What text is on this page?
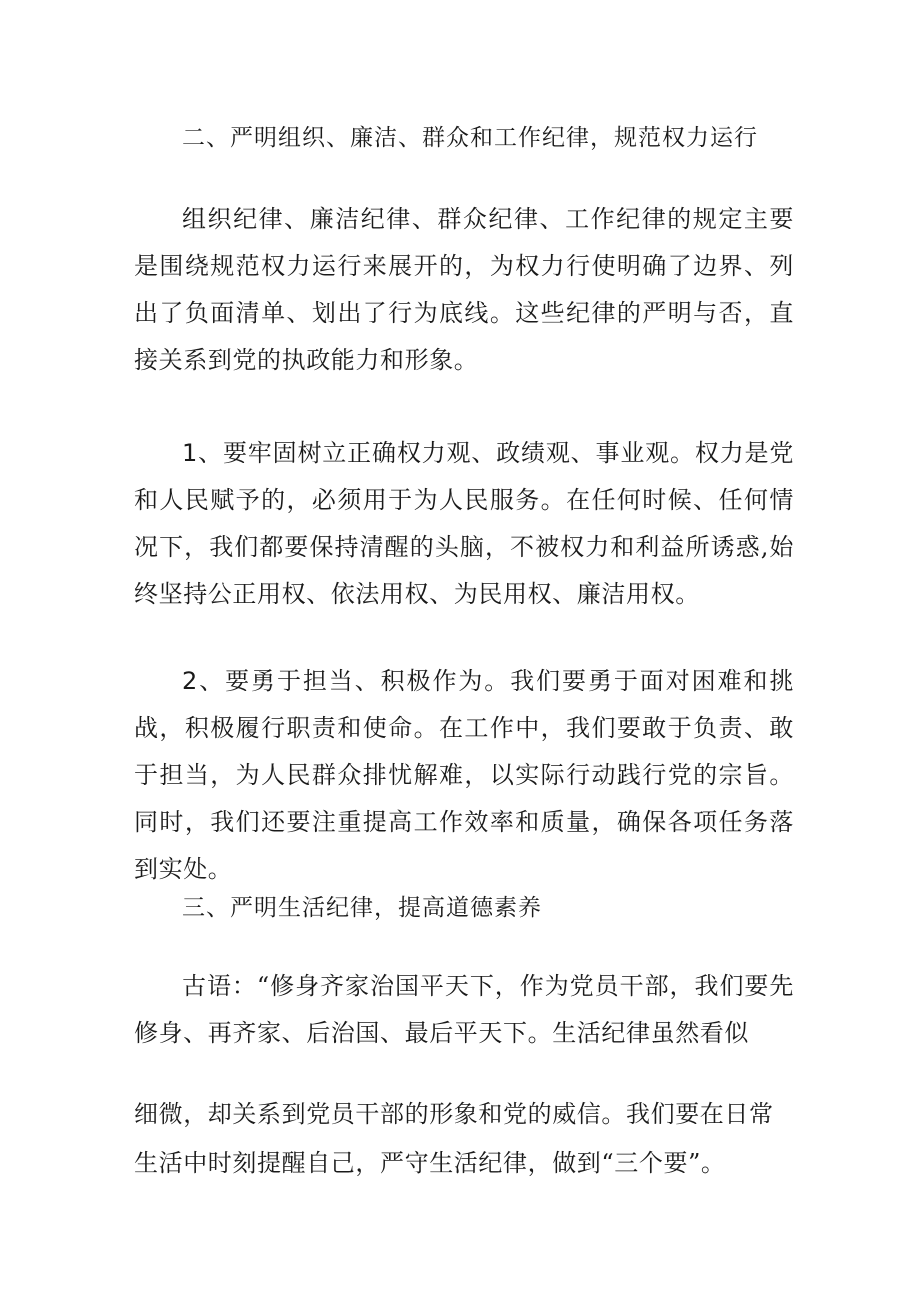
二、严明组织、廉洁、群众和工作纪律，规范权力运行
组织纪律、廉洁纪律、群众纪律、工作纪律的规定主要是围绕规范权力运行来展开的，为权力行使明确了边界、列出了负面清单、划出了行为底线。这些纪律的严明与否，直接关系到党的执政能力和形象。
1、要牢固树立正确权力观、政绩观、事业观。权力是党和人民赋予的，必须用于为人民服务。在任何时候、任何情况下，我们都要保持清醒的头脑，不被权力和利益所诱惑,始终坚持公正用权、依法用权、为民用权、廉洁用权。
2、要勇于担当、积极作为。我们要勇于面对困难和挑战，积极履行职责和使命。在工作中，我们要敢于负责、敢于担当，为人民群众排忧解难，以实际行动践行党的宗旨。同时，我们还要注重提高工作效率和质量，确保各项任务落到实处。
三、严明生活纪律，提高道德素养
古语：“修身齐家治国平天下，作为党员干部，我们要先修身、再齐家、后治国、最后平天下。生活纪律虽然看似
细微，却关系到党员干部的形象和党的威信。我们要在日常
生活中时刻提醒自己，严守生活纪律，做到“三个要”。
